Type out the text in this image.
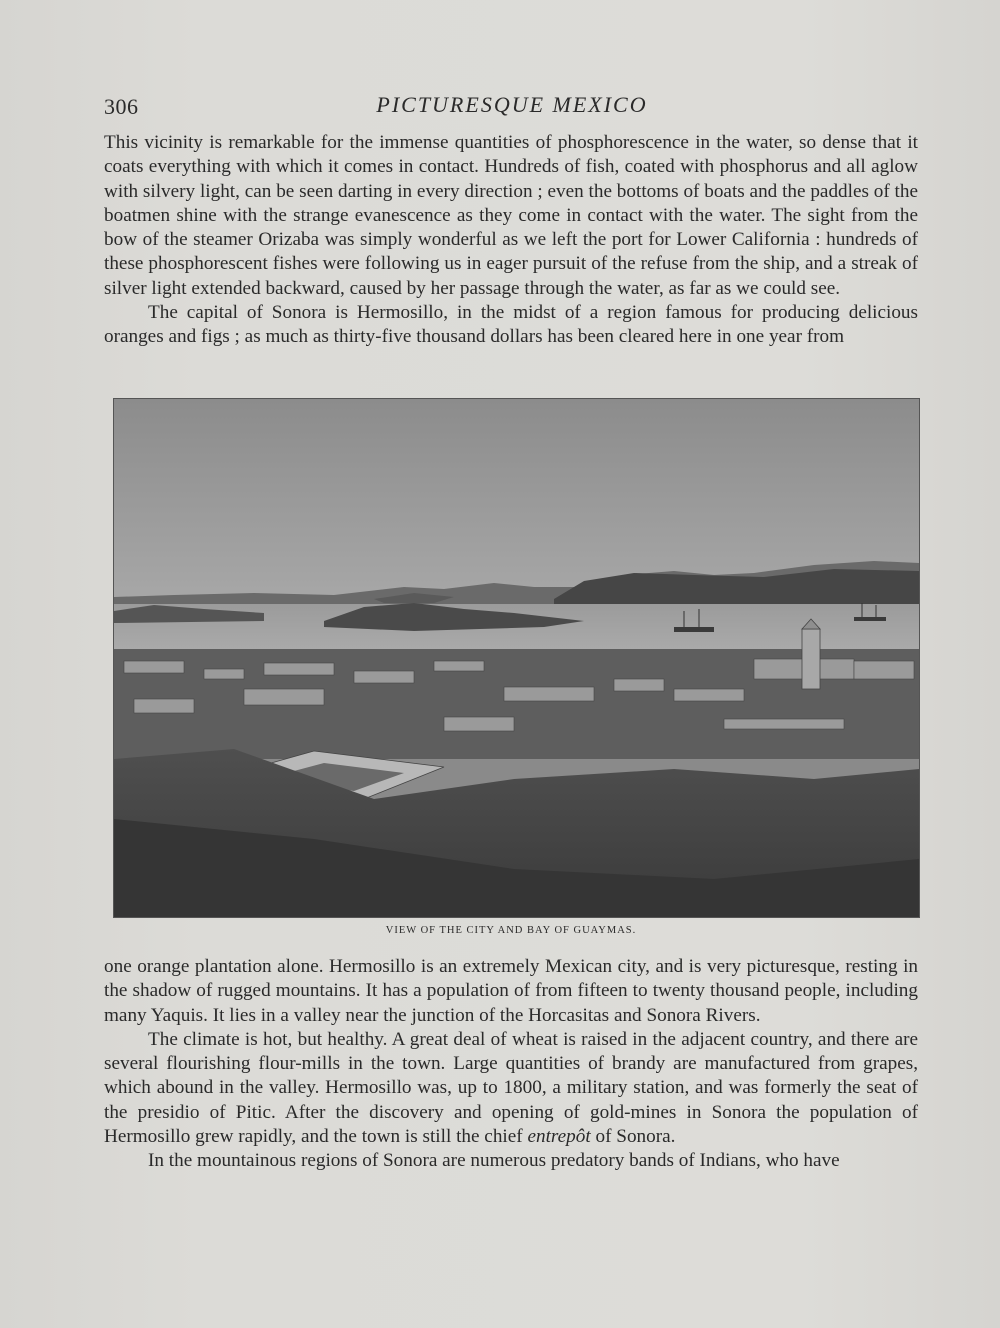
306	PICTURESQUE MEXICO

This vicinity is remarkable for the immense quantities of phosphorescence in the water, so dense that it coats everything with which it comes in contact. Hundreds of fish, coated with phosphorus and all aglow with silvery light, can be seen darting in every direction ; even the bottoms of boats and the paddles of the boatmen shine with the strange evanescence as they come in contact with the water. The sight from the bow of the steamer Orizaba was simply wonderful as we left the port for Lower California : hundreds of these phosphorescent fishes were following us in eager pursuit of the refuse from the ship, and a streak of silver light extended backward, caused by her passage through the water, as far as we could see.

The capital of Sonora is Hermosillo, in the midst of a region famous for producing delicious oranges and figs ; as much as thirty-five thousand dollars has been cleared here in one year from

VIEW OF THE CITY AND BAY OF GUAYMAS.

one orange plantation alone. Hermosillo is an extremely Mexican city, and is very picturesque, resting in the shadow of rugged mountains. It has a population of from fifteen to twenty thousand people, including many Yaquis. It lies in a valley near the junction of the Horcasitas and Sonora Rivers.

The climate is hot, but healthy. A great deal of wheat is raised in the adjacent country, and there are several flourishing flour-mills in the town. Large quantities of brandy are manufactured from grapes, which abound in the valley. Hermosillo was, up to 1800, a military station, and was formerly the seat of the presidio of Pitic. After the discovery and opening of gold-mines in Sonora the population of Hermosillo grew rapidly, and the town is still the chief entrepôt of Sonora.

In the mountainous regions of Sonora are numerous predatory bands of Indians, who have
